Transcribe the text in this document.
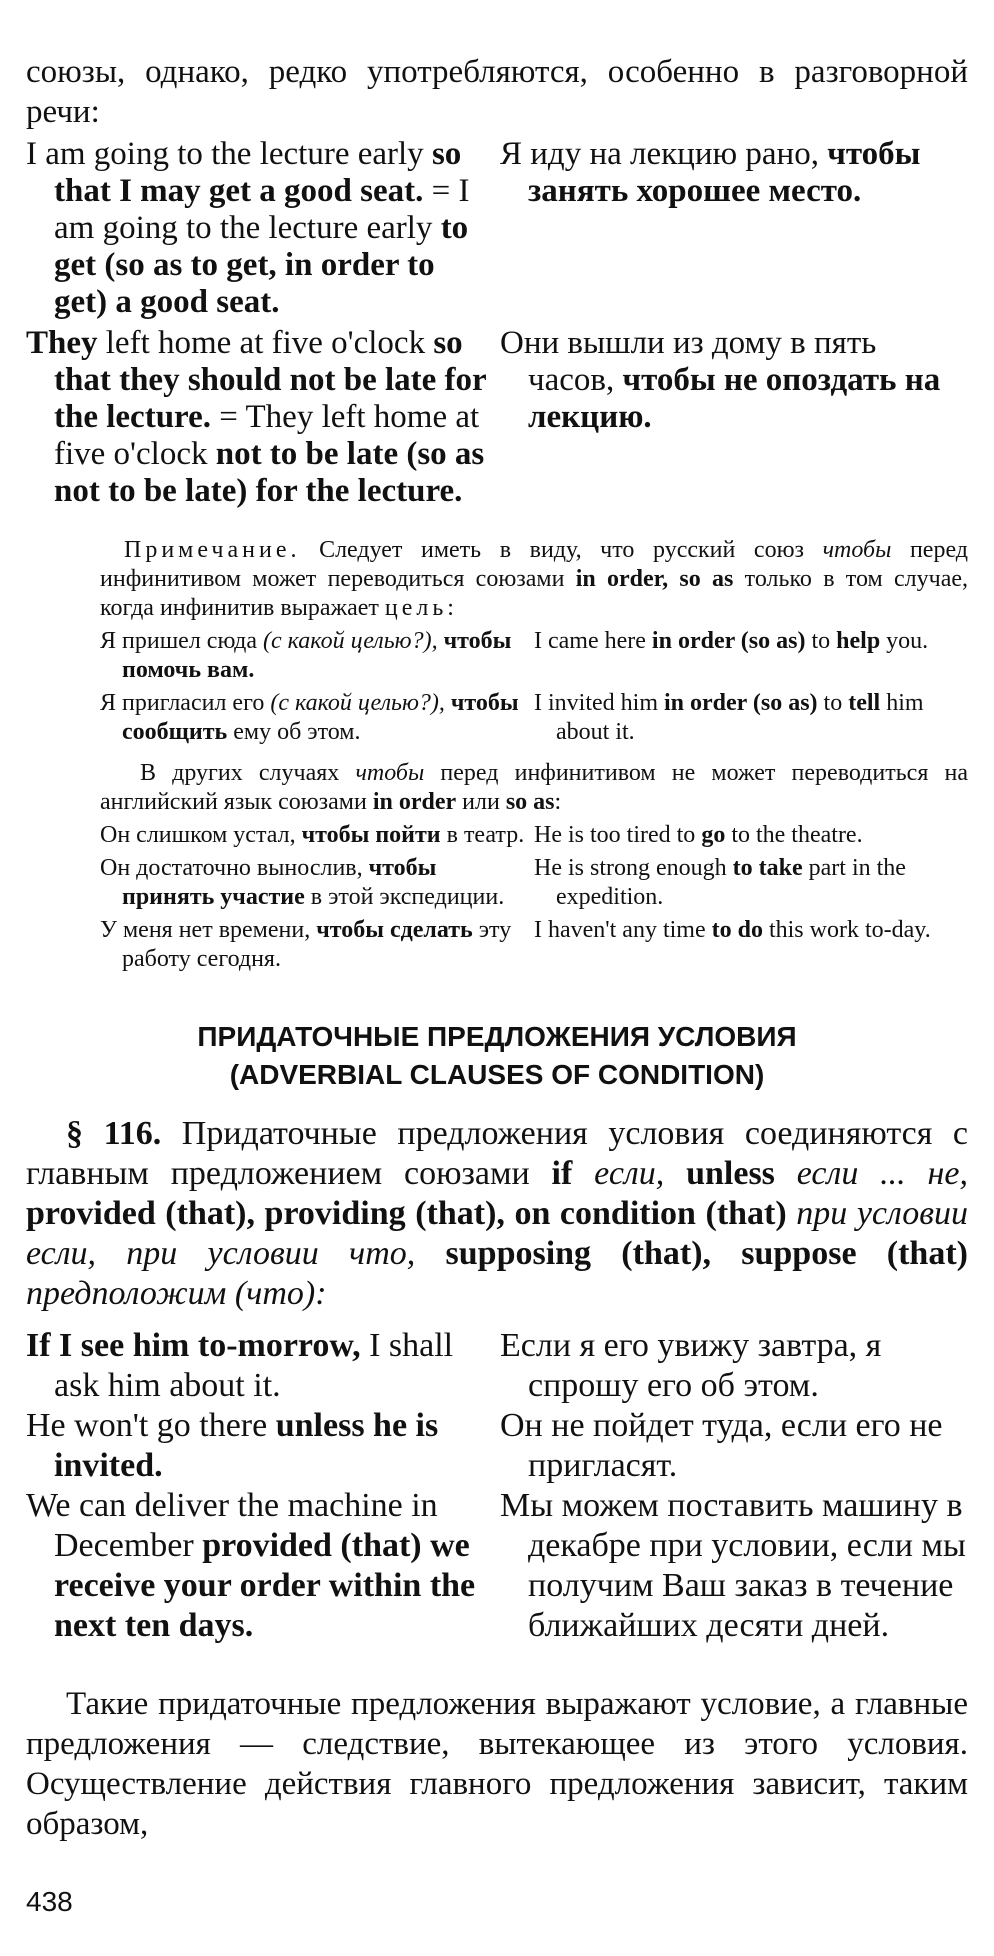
союзы, однако, редко употребляются, особенно в разговорной речи:

I am going to the lecture early so that I may get a good seat. = I am going to the lecture early to get (so as to get, in order to get) a good seat.
Я иду на лекцию рано, чтобы занять хорошее место.
They left home at five o'clock so that they should not be late for the lecture. = They left home at five o'clock not to be late (so as not to be late) for the lecture.
Они вышли из дому в пять часов, чтобы не опоздать на лекцию.

Примечание. Следует иметь в виду, что русский союз чтобы перед инфинитивом может переводиться союзами in order, so as только в том случае, когда инфинитив выражает цель:

Я пришел сюда (с какой целью?), чтобы помочь вам.
I came here in order (so as) to help you.
Я пригласил его (с какой целью?), чтобы сообщить ему об этом.
I invited him in order (so as) to tell him about it.

В других случаях чтобы перед инфинитивом не может переводиться на английский язык союзами in order или so as:

Он слишком устал, чтобы пойти в театр. He is too tired to go to the theatre.
Он достаточно вынослив, чтобы принять участие в этой экспедиции.
He is strong enough to take part in the expedition.
У меня нет времени, чтобы сделать эту работу сегодня.
I haven't any time to do this work to-day.
ПРИДАТОЧНЫЕ ПРЕДЛОЖЕНИЯ УСЛОВИЯ
(ADVERBIAL CLAUSES OF CONDITION)

§ 116. Придаточные предложения условия соединяются с главным предложением союзами if если, unless если ... не, provided (that), providing (that), on condition (that) при условии если, при условии что, supposing (that), suppose (that) предположим (что):

If I see him to-morrow, I shall ask him about it.
Если я его увижу завтра, я спрошу его об этом.
He won't go there unless he is invited.
Он не пойдет туда, если его не пригласят.
We can deliver the machine in December provided (that) we receive your order within the next ten days.
Мы можем поставить машину в декабре при условии, если мы получим Ваш заказ в течение ближайших десяти дней.

Такие придаточные предложения выражают условие, а главные предложения — следствие, вытекающее из этого условия. Осуществление действия главного предложения зависит, таким образом,

438
